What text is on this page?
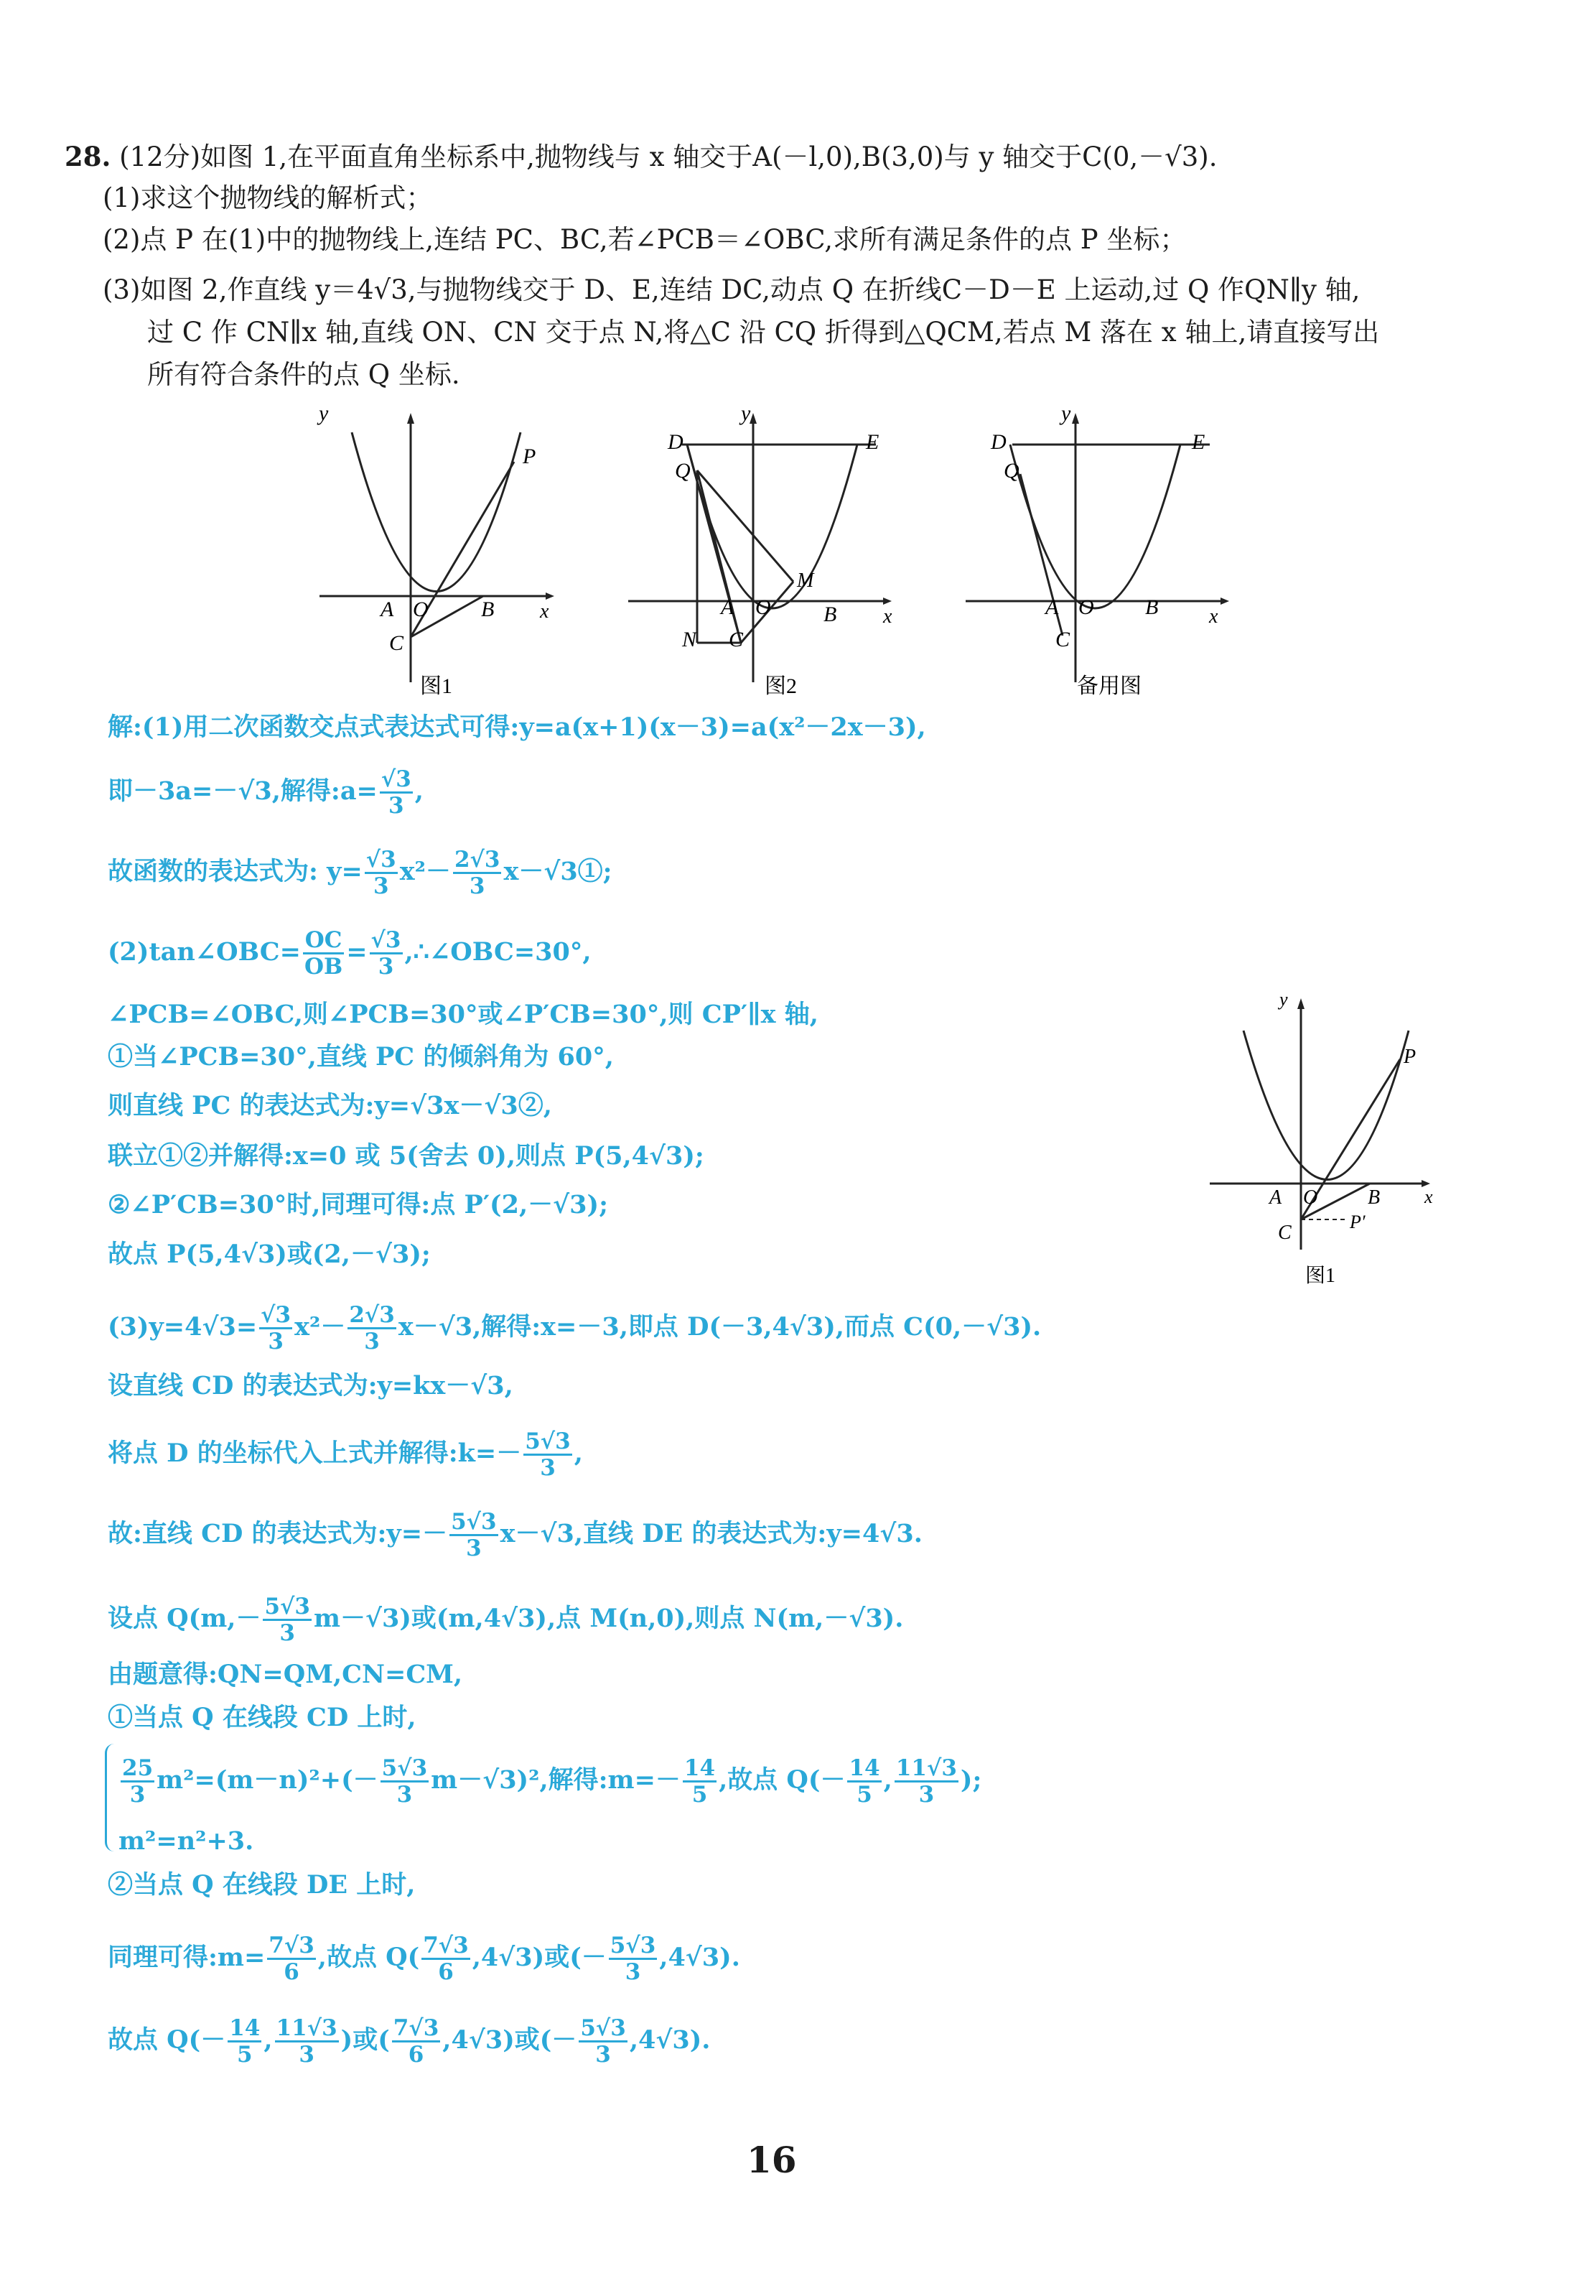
28. (12分)如图 1,在平面直角坐标系中,抛物线与 x 轴交于A(－l,0),B(3,0)与 y 轴交于C(0,－√3).
(1)求这个抛物线的解析式；
(2)点 P 在(1)中的抛物线上,连结 PC、BC,若∠PCB＝∠OBC,求所有满足条件的点 P 坐标；
(3)如图 2,作直线 y＝4√3,与抛物线交于 D、E,连结 DC,动点 Q 在折线C－D－E 上运动,过 Q 作QN∥y 轴,
过 C 作 CN∥x 轴,直线 ON、CN 交于点 N,将△C 沿 CQ 折得到△QCM,若点 M 落在 x 轴上,请直接写出
所有符合条件的点 Q 坐标.
y
x
P
A O B
C
图1
y
x
D	E
Q
M
A O B
N C
图2
y
x
D	E
Q
A O B
C
备用图
y
x
P
A O B
P′
C
图1
解:(1)用二次函数交点式表达式可得:y=a(x+1)(x－3)=a(x²－2x－3),
即－3a=－√3,解得:a= $\frac{√3}{3}$ ,
故函数的表达式为: $y= \frac{√3}{3} x^2- \frac{2√3}{3}$ x－√3①;
(2)tan∠OBC= $\frac{OC}{OB} = \frac{√3}{3}$ ,∴∠OBC=30°,
∠PCB=∠OBC,则∠PCB=30°或∠P′CB=30°,则 CP′∥x 轴,
①当∠PCB=30°,直线 PC 的倾斜角为 60°,
则直线 PC 的表达式为:y=√3x－√3②,
联立①②并解得:x=0 或 5(舍去 0),则点 P(5,4√3);
②∠P′CB=30°时,同理可得:点 P′(2,－√3);
故点 P(5,4√3)或(2,－√3);
$(3)y=4√3= \frac{√3}{3} x^2- \frac{2√3}{3} x-√3$,解得:x=－3,即点 D(－3,4√3),而点 C(0,－√3).
设直线 CD 的表达式为:y=kx－√3,
将点 D 的坐标代入上式并解得:k=－ $\frac{5√3}{3}$ ,
故:直线 CD 的表达式为:y=－ $\frac{5√3}{3} x-√3$,直线 DE 的表达式为:y=4√3.
设点 $Q(m,- \frac{5√3}{3} m-√3)$或(m,4√3),点 M(n,0),则点 N(m,－√3).
由题意得:QN=QM,CN=CM,
①当点 Q 在线段 CD 上时,
$\frac{25}{3} m^2=(m-n)^2+(- \frac{5√3}{3} m-√3)^2$,解得:m=－ $\frac{14}{5}$ ,故点 $Q(- \frac{14}{5}$ , $\frac{11√3}{3}$ );
m²=n²+3.
②当点 Q 在线段 DE 上时,
同理可得:m= $\frac{7√3}{6}$ ,故点 $Q( \frac{7√3}{6} ,4√3)$或(－ $\frac{5√3}{3} ,4√3$).
故点 $Q(- \frac{14}{5}$ , $\frac{11√3}{3}$ )或( $\frac{7√3}{6} ,4√3$)或(－ $\frac{5√3}{3} ,4√3$).
16
